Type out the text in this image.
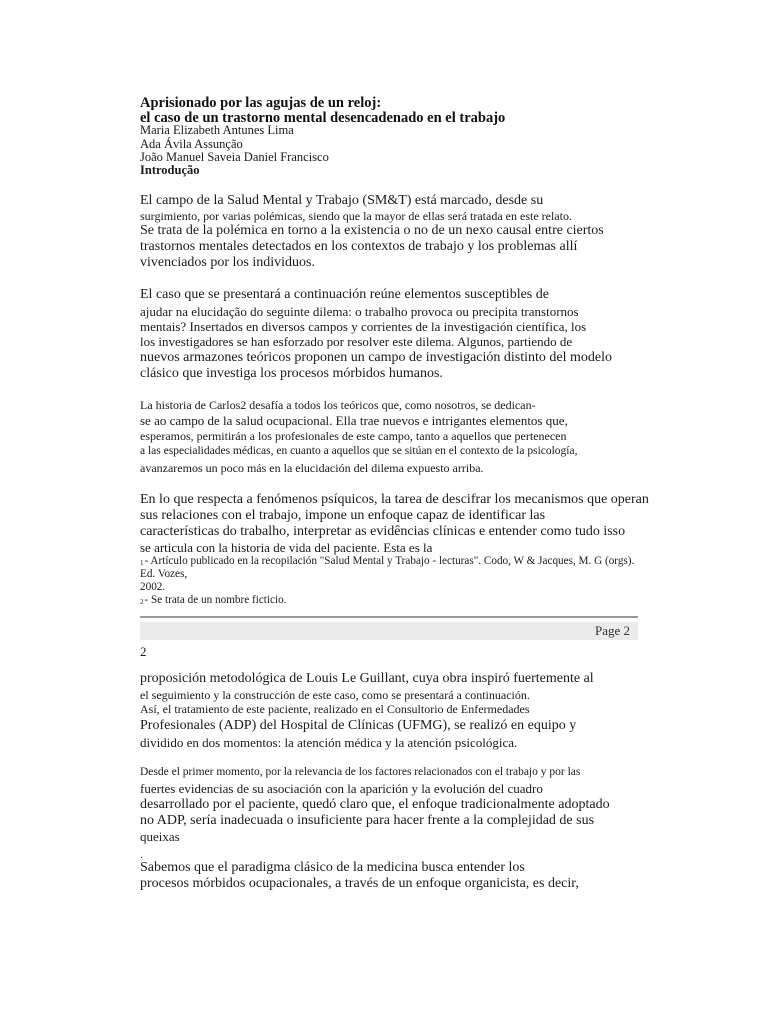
Aprisionado por las agujas de un reloj:
el caso de un trastorno mental desencadenado en el trabajo
Maria Elizabeth Antunes Lima
Ada Ávila Assunção
João Manuel Saveia Daniel Francisco
Introdução
El campo de la Salud Mental y Trabajo (SM&T) está marcado, desde su
surgimiento, por varias polémicas, siendo que la mayor de ellas será tratada en este relato.
Se trata de la polémica en torno a la existencia o no de un nexo causal entre ciertos
trastornos mentales detectados en los contextos de trabajo y los problemas allí
vivenciados por los individuos.
El caso que se presentará a continuación reúne elementos susceptibles de
ajudar na elucidação do seguinte dilema: o trabalho provoca ou precipita transtornos
mentais? Insertados en diversos campos y corrientes de la investigación científica, los
los investigadores se han esforzado por resolver este dilema. Algunos, partiendo de
nuevos armazones teóricos proponen un campo de investigación distinto del modelo
clásico que investiga los procesos mórbidos humanos.
La historia de Carlos2 desafía a todos los teóricos que, como nosotros, se dedican-
se ao campo de la salud ocupacional. Ella trae nuevos e intrigantes elementos que,
esperamos, permitirán a los profesionales de este campo, tanto a aquellos que pertenecen
a las especialidades médicas, en cuanto a aquellos que se sitúan en el contexto de la psicología,
avanzaremos un poco más en la elucidación del dilema expuesto arriba.
En lo que respecta a fenómenos psíquicos, la tarea de descifrar los mecanismos que operan
sus relaciones con el trabajo, impone un enfoque capaz de identificar las
características do trabalho, interpretar as evidências clínicas e entender como tudo isso
se articula con la historia de vida del paciente. Esta es la
1- Artículo publicado en la recopilación "Salud Mental y Trabajo - lecturas". Codo, W & Jacques, M. G (orgs).
Ed. Vozes,
2002.
2- Se trata de un nombre ficticio.
Page 2
2
proposición metodológica de Louis Le Guillant, cuya obra inspiró fuertemente al
el seguimiento y la construcción de este caso, como se presentará a continuación.
Así, el tratamiento de este paciente, realizado en el Consultorio de Enfermedades
Profesionales (ADP) del Hospital de Clínicas (UFMG), se realizó en equipo y
dividido en dos momentos: la atención médica y la atención psicológica.
Desde el primer momento, por la relevancia de los factores relacionados con el trabajo y por las
fuertes evidencias de su asociación con la aparición y la evolución del cuadro
desarrollado por el paciente, quedó claro que, el enfoque tradicionalmente adoptado
no ADP, sería inadecuada o insuficiente para hacer frente a la complejidad de sus
queixas
.
Sabemos que el paradigma clásico de la medicina busca entender los
procesos mórbidos ocupacionales, a través de un enfoque organicista, es decir,
